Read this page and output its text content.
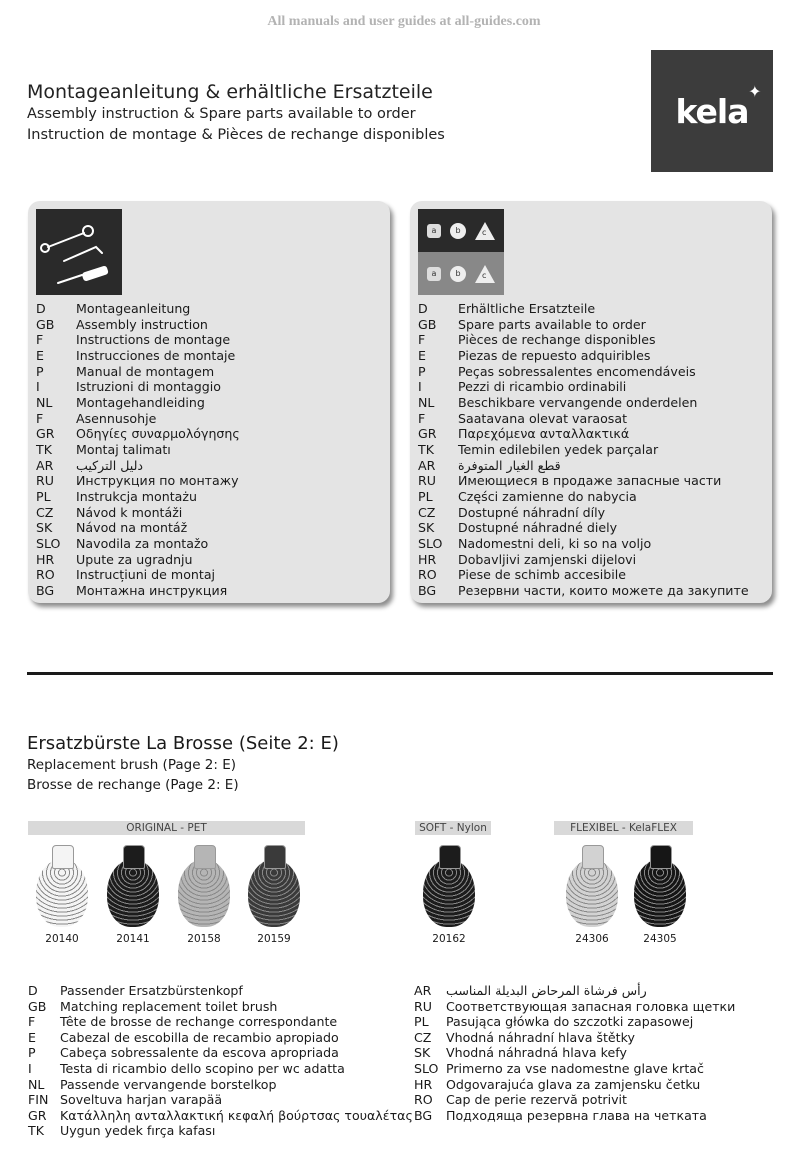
All manuals and user guides at all-guides.com
Montageanleitung & erhältliche Ersatzteile
Assembly instruction & Spare parts available to order
Instruction de montage & Pièces de rechange disponibles
kela
✦
D	Montageanleitung
GB	Assembly instruction
F	Instructions de montage
E	Instrucciones de montaje
P	Manual de montagem
I	Istruzioni di montaggio
NL	Montagehandleiding
F	Asennusohje
GR	Οδηγίες συναρμολόγησης
TK	Montaj talimatı
AR	دليل التركيب
RU	Инструкция по монтажу
PL	Instrukcja montażu
CZ	Návod k montáži
SK	Návod na montáž
SLO	Navodila za montažo
HR	Upute za ugradnju
RO	Instrucțiuni de montaj
BG	Монтажна инструкция
a	b	c
a	b	c
D	Erhältliche Ersatzteile
GB	Spare parts available to order
F	Pièces de rechange disponibles
E	Piezas de repuesto adquiribles
P	Peças sobressalentes encomendáveis
I	Pezzi di ricambio ordinabili
NL	Beschikbare vervangende onderdelen
F	Saatavana olevat varaosat
GR	Παρεχόμενα ανταλλακτικά
TK	Temin edilebilen yedek parçalar
AR	قطع الغيار المتوفرة
RU	Имеющиеся в продаже запасные части
PL	Części zamienne do nabycia
CZ	Dostupné náhradní díly
SK	Dostupné náhradné diely
SLO	Nadomestni deli, ki so na voljo
HR	Dobavljivi zamjenski dijelovi
RO	Piese de schimb accesibile
BG	Резервни части, които можете да закупите
Ersatzbürste La Brosse (Seite 2: E)
Replacement brush (Page 2: E)
Brosse de rechange (Page 2: E)
ORIGINAL - PET	SOFT - Nylon	FLEXIBEL - KelaFLEX
20140	20141	20158	20159	20162	24306	24305
D	Passender Ersatzbürstenkopf
GB	Matching replacement toilet brush
F	Tête de brosse de rechange correspondante
E	Cabezal de escobilla de recambio apropiado
P	Cabeça sobressalente da escova apropriada
I	Testa di ricambio dello scopino per wc adatta
NL	Passende vervangende borstelkop
FIN Soveltuva harjan varapää
GR	Κατάλληλη ανταλλακτική κεφαλή βούρτσας τουαλέτας
TK	Uygun yedek fırça kafası
AR	رأس فرشاة المرحاض البديلة المناسب
RU	Соответствующая запасная головка щетки
PL	Pasująca główka do szczotki zapasowej
CZ	Vhodná náhradní hlava štětky
SK	Vhodná náhradná hlava kefy
SLO Primerno za vse nadomestne glave krtač
HR	Odgovarajuća glava za zamjensku četku
RO	Cap de perie rezervă potrivit
BG	Подходяща резервна глава на четката
